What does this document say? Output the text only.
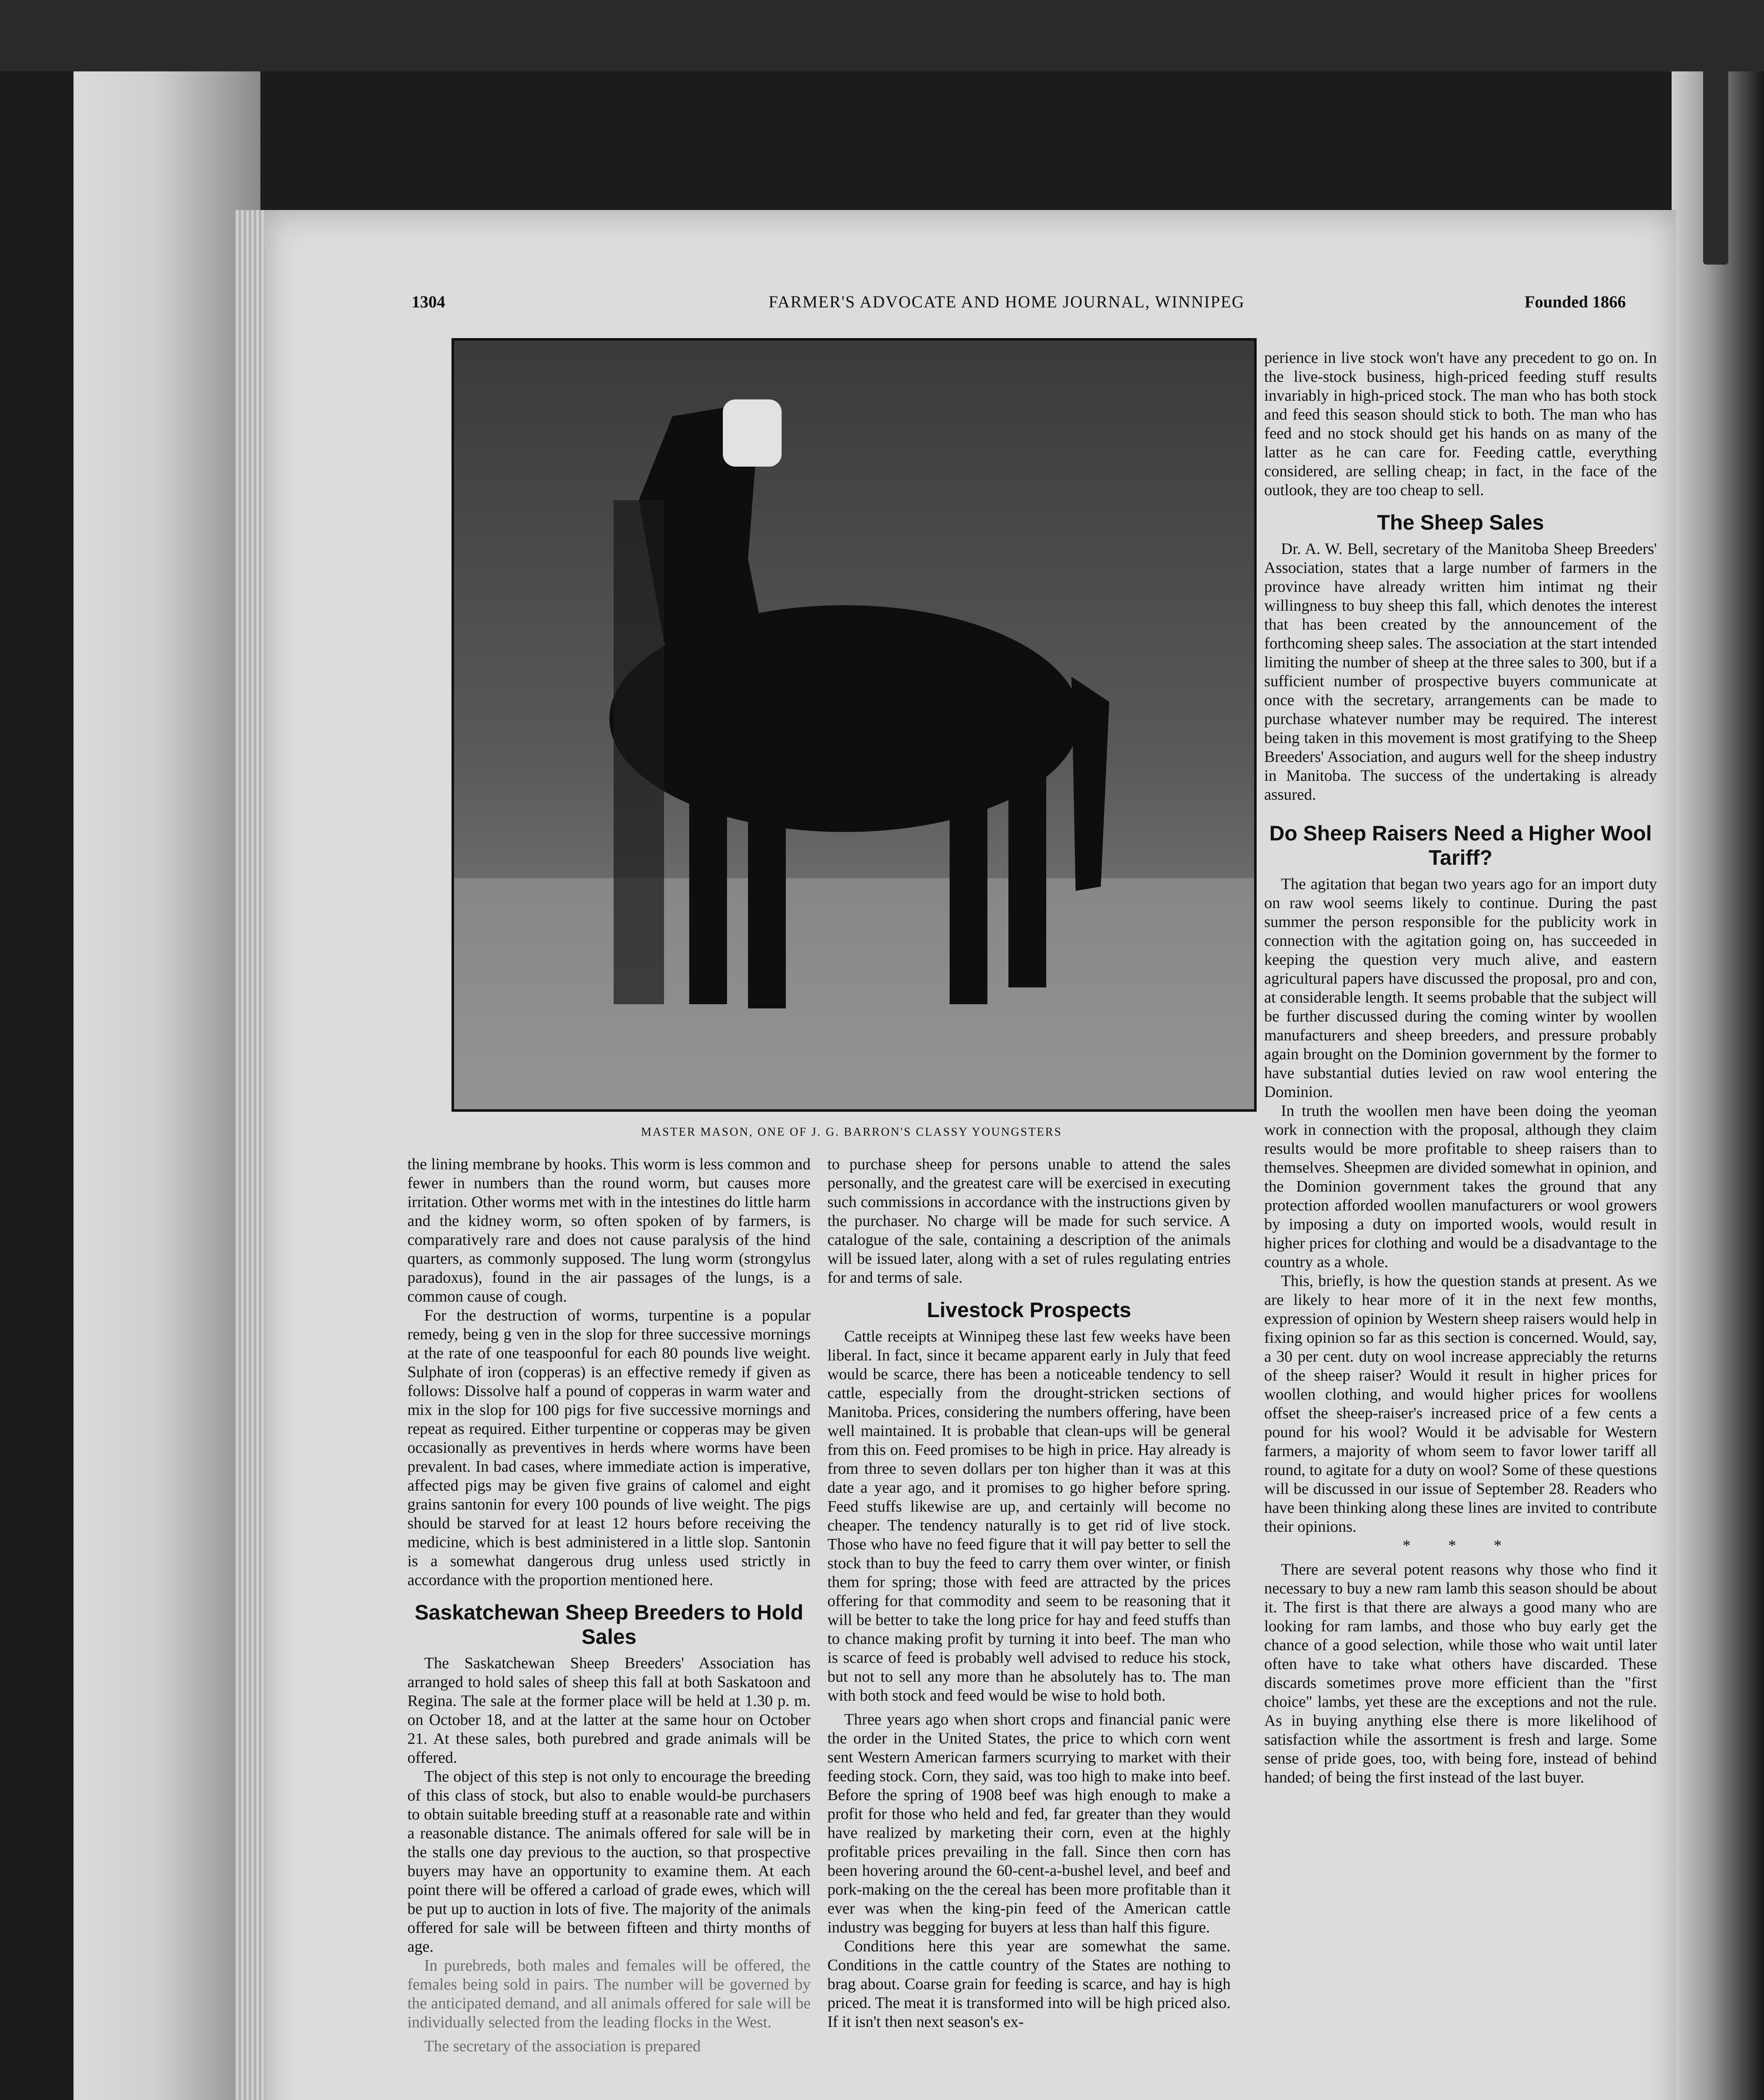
1304	FARMER'S ADVOCATE AND HOME JOURNAL, WINNIPEG	Founded 1866
MASTER MASON, ONE OF J. G. BARRON'S CLASSY YOUNGSTERS

the lining membrane by hooks. This worm is less common and fewer in numbers than the round worm, but causes more irritation. Other worms met with in the intestines do little harm and the kidney worm, so often spoken of by farmers, is comparatively rare and does not cause paralysis of the hind quarters, as commonly supposed. The lung worm (strongylus paradoxus), found in the air passages of the lungs, is a common cause of cough.

For the destruction of worms, turpentine is a popular remedy, being g ven in the slop for three successive mornings at the rate of one teaspoonful for each 80 pounds live weight. Sulphate of iron (copperas) is an effective remedy if given as follows: Dissolve half a pound of copperas in warm water and mix in the slop for 100 pigs for five successive mornings and repeat as required. Either turpentine or copperas may be given occasionally as preventives in herds where worms have been prevalent. In bad cases, where immediate action is imperative, affected pigs may be given five grains of calomel and eight grains santonin for every 100 pounds of live weight. The pigs should be starved for at least 12 hours before receiving the medicine, which is best administered in a little slop. Santonin is a somewhat dangerous drug unless used strictly in accordance with the proportion mentioned here.

Saskatchewan Sheep Breeders to Hold Sales

The Saskatchewan Sheep Breeders' Association has arranged to hold sales of sheep this fall at both Saskatoon and Regina. The sale at the former place will be held at 1.30 p. m. on October 18, and at the latter at the same hour on October 21. At these sales, both purebred and grade animals will be offered.

The object of this step is not only to encourage the breeding of this class of stock, but also to enable would-be purchasers to obtain suitable breeding stuff at a reasonable rate and within a reasonable distance. The animals offered for sale will be in the stalls one day previous to the auction, so that prospective buyers may have an opportunity to examine them. At each point there will be offered a carload of grade ewes, which will be put up to auction in lots of five. The majority of the animals offered for sale will be between fifteen and thirty months of age.

In purebreds, both males and females will be offered, the females being sold in pairs. The number will be governed by the anticipated demand, and all animals offered for sale will be individually selected from the leading flocks in the West.

The secretary of the association is prepared

to purchase sheep for persons unable to attend the sales personally, and the greatest care will be exercised in executing such commissions in accordance with the instructions given by the purchaser. No charge will be made for such service. A catalogue of the sale, containing a description of the animals will be issued later, along with a set of rules regulating entries for and terms of sale.

Livestock Prospects

Cattle receipts at Winnipeg these last few weeks have been liberal. In fact, since it became apparent early in July that feed would be scarce, there has been a noticeable tendency to sell cattle, especially from the drought-stricken sections of Manitoba. Prices, considering the numbers offering, have been well maintained. It is probable that clean-ups will be general from this on. Feed promises to be high in price. Hay already is from three to seven dollars per ton higher than it was at this date a year ago, and it promises to go higher before spring. Feed stuffs likewise are up, and certainly will become no cheaper. The tendency naturally is to get rid of live stock. Those who have no feed figure that it will pay better to sell the stock than to buy the feed to carry them over winter, or finish them for spring; those with feed are attracted by the prices offering for that commodity and seem to be reasoning that it will be better to take the long price for hay and feed stuffs than to chance making profit by turning it into beef. The man who is scarce of feed is probably well advised to reduce his stock, but not to sell any more than he absolutely has to. The man with both stock and feed would be wise to hold both.

Three years ago when short crops and financial panic were the order in the United States, the price to which corn went sent Western American farmers scurrying to market with their feeding stock. Corn, they said, was too high to make into beef. Before the spring of 1908 beef was high enough to make a profit for those who held and fed, far greater than they would have realized by marketing their corn, even at the highly profitable prices prevailing in the fall. Since then corn has been hovering around the 60-cent-a-bushel level, and beef and pork-making on the the cereal has been more profitable than it ever was when the king-pin feed of the American cattle industry was begging for buyers at less than half this figure.

Conditions here this year are somewhat the same. Conditions in the cattle country of the States are nothing to brag about. Coarse grain for feeding is scarce, and hay is high priced. The meat it is transformed into will be high priced also. If it isn't then next season's ex-

perience in live stock won't have any precedent to go on. In the live-stock business, high-priced feeding stuff results invariably in high-priced stock. The man who has both stock and feed this season should stick to both. The man who has feed and no stock should get his hands on as many of the latter as he can care for. Feeding cattle, everything considered, are selling cheap; in fact, in the face of the outlook, they are too cheap to sell.

The Sheep Sales

Dr. A. W. Bell, secretary of the Manitoba Sheep Breeders' Association, states that a large number of farmers in the province have already written him intimat ng their willingness to buy sheep this fall, which denotes the interest that has been created by the announcement of the forthcoming sheep sales. The association at the start intended limiting the number of sheep at the three sales to 300, but if a sufficient number of prospective buyers communicate at once with the secretary, arrangements can be made to purchase whatever number may be required. The interest being taken in this movement is most gratifying to the Sheep Breeders' Association, and augurs well for the sheep industry in Manitoba. The success of the undertaking is already assured.

Do Sheep Raisers Need a Higher Wool Tariff?

The agitation that began two years ago for an import duty on raw wool seems likely to continue. During the past summer the person responsible for the publicity work in connection with the agitation going on, has succeeded in keeping the question very much alive, and eastern agricultural papers have discussed the proposal, pro and con, at considerable length. It seems probable that the subject will be further discussed during the coming winter by woollen manufacturers and sheep breeders, and pressure probably again brought on the Dominion government by the former to have substantial duties levied on raw wool entering the Dominion.

In truth the woollen men have been doing the yeoman work in connection with the proposal, although they claim results would be more profitable to sheep raisers than to themselves. Sheepmen are divided somewhat in opinion, and the Dominion government takes the ground that any protection afforded woollen manufacturers or wool growers by imposing a duty on imported wools, would result in higher prices for clothing and would be a disadvantage to the country as a whole.

This, briefly, is how the question stands at present. As we are likely to hear more of it in the next few months, expression of opinion by Western sheep raisers would help in fixing opinion so far as this section is concerned. Would, say, a 30 per cent. duty on wool increase appreciably the returns of the sheep raiser? Would it result in higher prices for woollen clothing, and would higher prices for woollens offset the sheep-raiser's increased price of a few cents a pound for his wool? Would it be advisable for Western farmers, a majority of whom seem to favor lower tariff all round, to agitate for a duty on wool? Some of these questions will be discussed in our issue of September 28. Readers who have been thinking along these lines are invited to contribute their opinions.

* * *

There are several potent reasons why those who find it necessary to buy a new ram lamb this season should be about it. The first is that there are always a good many who are looking for ram lambs, and those who buy early get the chance of a good selection, while those who wait until later often have to take what others have discarded. These discards sometimes prove more efficient than the "first choice" lambs, yet these are the exceptions and not the rule. As in buying anything else there is more likelihood of satisfaction while the assortment is fresh and large. Some sense of pride goes, too, with being fore, instead of behind handed; of being the first instead of the last buyer.
